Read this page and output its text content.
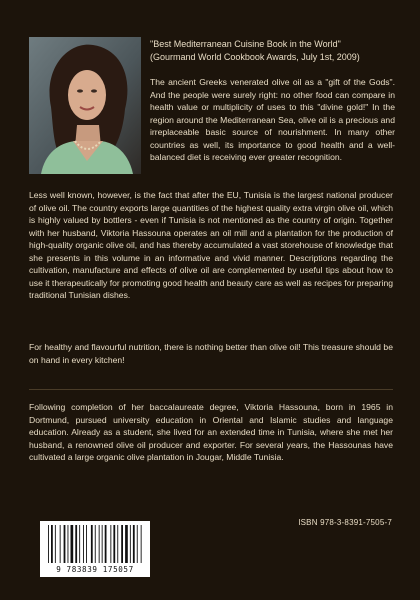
"Best Mediterranean Cuisine Book in the World"
(Gourmand World Cookbook Awards, July 1st, 2009)

The ancient Greeks venerated olive oil as a "gift of the Gods". And the people were surely right: no other food can compare in health value or multiplicity of uses to this "divine gold!" In the region around the Mediterranean Sea, olive oil is a precious and irreplaceable basic source of nourishment. In many other countries as well, its importance to good health and a well-balanced diet is receiving ever greater recognition.

Less well known, however, is the fact that after the EU, Tunisia is the largest national producer of olive oil. The country exports large quantities of the highest quality extra virgin olive oil, which is highly valued by bottlers - even if Tunisia is not mentioned as the country of origin. Together with her husband, Viktoria Hassouna operates an oil mill and a plantation for the production of high-quality organic olive oil, and has thereby accumulated a vast storehouse of knowledge that she presents in this volume in an informative and vivid manner. Descriptions regarding the cultivation, manufacture and effects of olive oil are complemented by useful tips about how to use it therapeutically for promoting good health and beauty care as well as recipes for preparing traditional Tunisian dishes.

For healthy and flavourful nutrition, there is nothing better than olive oil! This treasure should be on hand in every kitchen!

Following completion of her baccalaureate degree, Viktoria Hassouna, born in 1965 in Dortmund, pursued university education in Oriental and Islamic studies and language education. Already as a student, she lived for an extended time in Tunisia, where she met her husband, a renowned olive oil producer and exporter. For several years, the Hassounas have cultivated a large organic olive plantation in Jougar, Middle Tunisia.

ISBN 978-3-8391-7505-7

9 783839 175057
